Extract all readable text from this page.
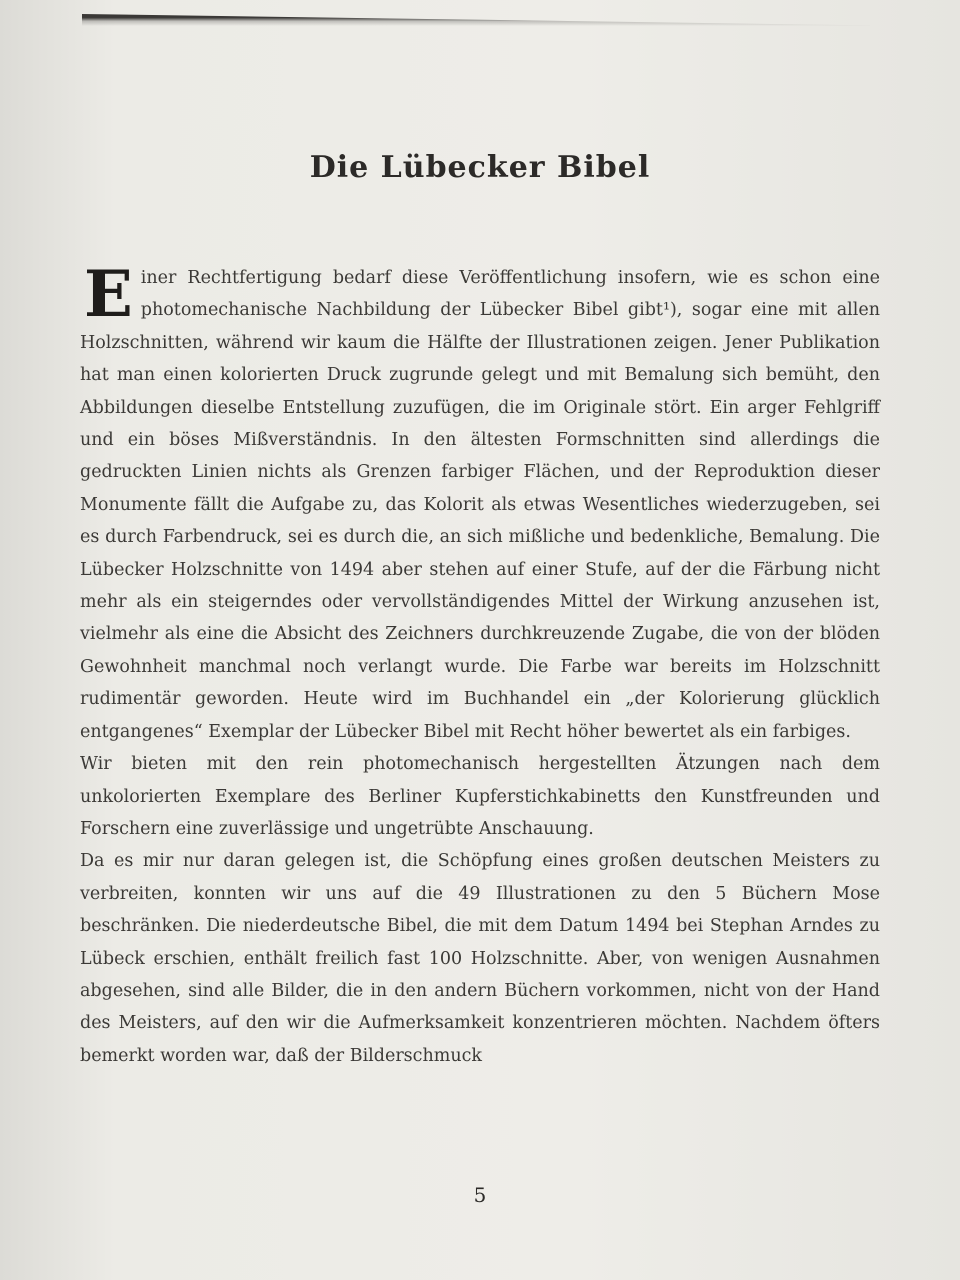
Die Lübecker Bibel

Einer Rechtfertigung bedarf diese Veröffentlichung insofern, wie es schon eine photomechanische Nachbildung der Lübecker Bibel gibt¹), sogar eine mit allen Holzschnitten, während wir kaum die Hälfte der Illustrationen zeigen. Jener Publikation hat man einen kolorierten Druck zugrunde gelegt und mit Bemalung sich bemüht, den Abbildungen dieselbe Entstellung zuzufügen, die im Originale stört. Ein arger Fehlgriff und ein böses Mißverständnis. In den ältesten Formschnitten sind allerdings die gedruckten Linien nichts als Grenzen farbiger Flächen, und der Reproduktion dieser Monumente fällt die Aufgabe zu, das Kolorit als etwas Wesentliches wiederzugeben, sei es durch Farbendruck, sei es durch die, an sich mißliche und bedenkliche, Bemalung. Die Lübecker Holzschnitte von 1494 aber stehen auf einer Stufe, auf der die Färbung nicht mehr als ein steigerndes oder vervollständigendes Mittel der Wirkung anzusehen ist, vielmehr als eine die Absicht des Zeichners durchkreuzende Zugabe, die von der blöden Gewohnheit manchmal noch verlangt wurde. Die Farbe war bereits im Holzschnitt rudimentär geworden. Heute wird im Buchhandel ein „der Kolorierung glücklich entgangenes“ Exemplar der Lübecker Bibel mit Recht höher bewertet als ein farbiges.

Wir bieten mit den rein photomechanisch hergestellten Ätzungen nach dem unkolorierten Exemplare des Berliner Kupferstichkabinetts den Kunstfreunden und Forschern eine zuverlässige und ungetrübte Anschauung.

Da es mir nur daran gelegen ist, die Schöpfung eines großen deutschen Meisters zu verbreiten, konnten wir uns auf die 49 Illustrationen zu den 5 Büchern Mose beschränken. Die niederdeutsche Bibel, die mit dem Datum 1494 bei Stephan Arndes zu Lübeck erschien, enthält freilich fast 100 Holzschnitte. Aber, von wenigen Ausnahmen abgesehen, sind alle Bilder, die in den andern Büchern vorkommen, nicht von der Hand des Meisters, auf den wir die Aufmerksamkeit konzentrieren möchten. Nachdem öfters bemerkt worden war, daß der Bilderschmuck

5
